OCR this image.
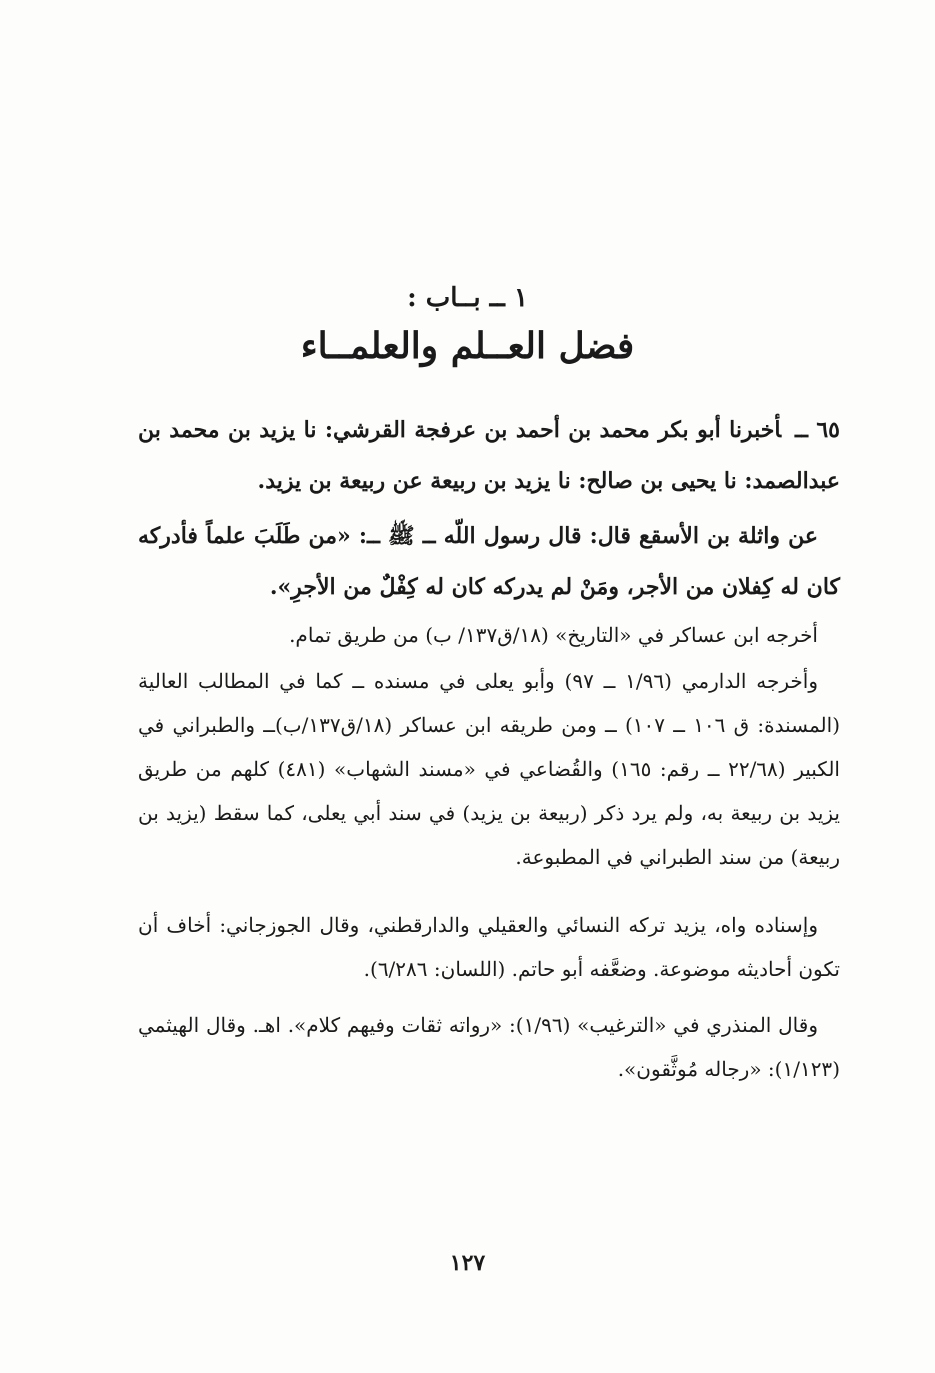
١ ــ بــاب :
فضل العــلم والعلمــاء

٦٥ ــأخبرنا أبو بكر محمد بن أحمد بن عرفجة القرشي: نا يزيد بن محمد بن عبدالصمد: نا يحيى بن صالح: نا يزيد بن ربيعة عن ربيعة بن يزيد.

عن واثلة بن الأسقع قال: قال رسول اللّه ــ ﷺ ــ: «من طَلَبَ علماً فأدركه كان له كِفلان من الأجر، ومَنْ لم يدركه كان له كِفْلٌ من الأجرِ».

أخرجه ابن عساكر في «التاريخ» (١٨/ق١٣٧/ ب) من طريق تمام.

وأخرجه الدارمي (١/٩٦ ــ ٩٧) وأبو يعلى في مسنده ــ كما في المطالب العالية (المسندة: ق ١٠٦ ــ ١٠٧) ــ ومن طريقه ابن عساكر (١٨/ق١٣٧/ب)ــ والطبراني في الكبير (٢٢/٦٨ ــ رقم: ١٦٥) والقُضاعي في «مسند الشهاب» (٤٨١) كلهم من طريق يزيد بن ربيعة به، ولم يرد ذكر (ربيعة بن يزيد) في سند أبي يعلى، كما سقط (يزيد بن ربيعة) من سند الطبراني في المطبوعة.

وإسناده واه، يزيد تركه النسائي والعقيلي والدارقطني، وقال الجوزجاني: أخاف أن تكون أحاديثه موضوعة. وضعَّفه أبو حاتم. (اللسان: ٦/٢٨٦).

وقال المنذري في «الترغيب» (١/٩٦): «رواته ثقات وفيهم كلام». اهـ. وقال الهيثمي (١/١٢٣): «رجاله مُوثَّقون».

١٢٧
